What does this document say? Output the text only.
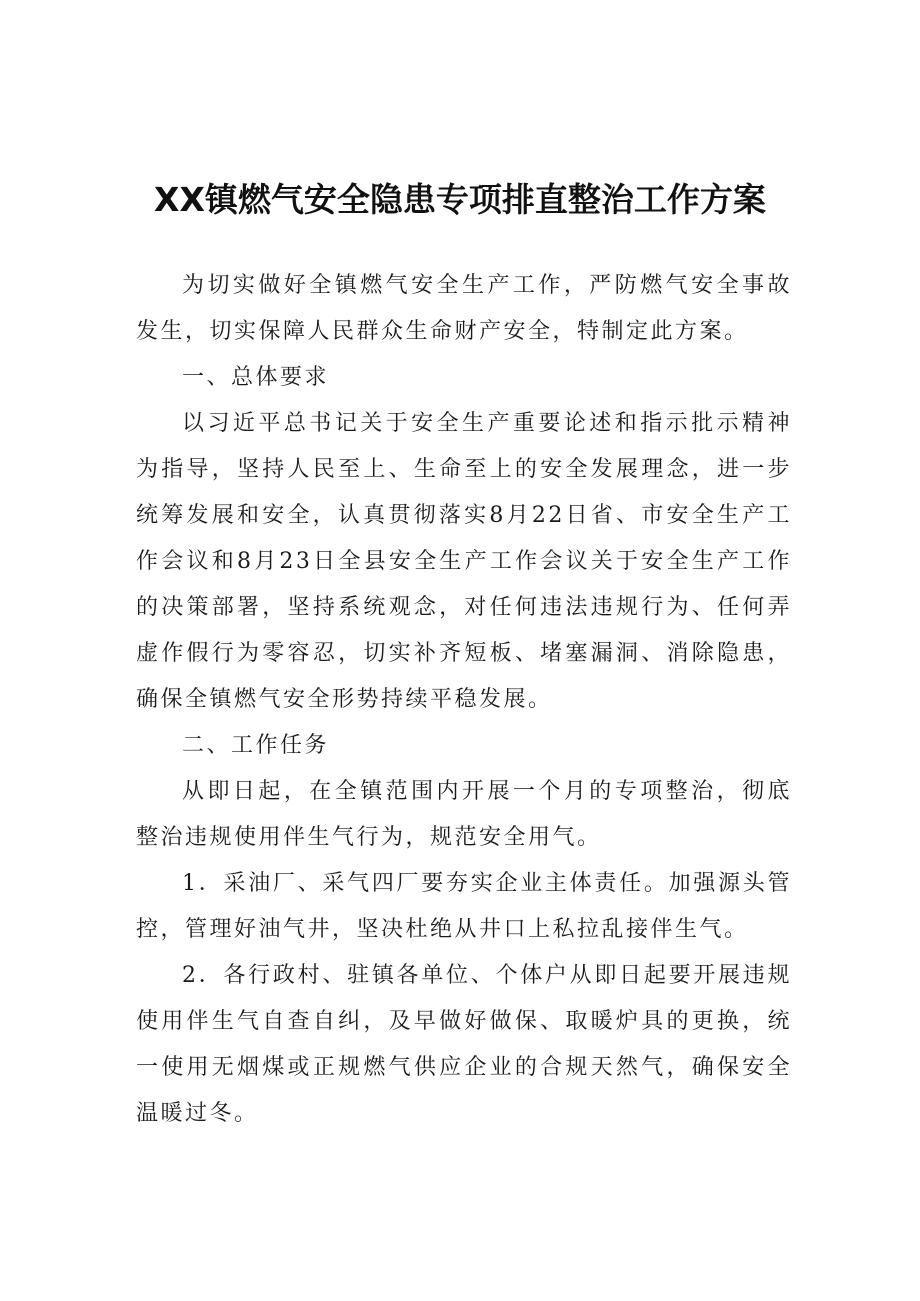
XX镇燃气安全隐患专项排直整治工作方案

为切实做好全镇燃气安全生产工作，严防燃气安全事故发生，切实保障人民群众生命财产安全，特制定此方案。

一、总体要求

以习近平总书记关于安全生产重要论述和指示批示精神为指导，坚持人民至上、生命至上的安全发展理念，进一步统筹发展和安全，认真贯彻落实8月22日省、市安全生产工作会议和8月23日全县安全生产工作会议关于安全生产工作的决策部署，坚持系统观念，对任何违法违规行为、任何弄虚作假行为零容忍，切实补齐短板、堵塞漏洞、消除隐患，确保全镇燃气安全形势持续平稳发展。

二、工作任务

从即日起，在全镇范围内开展一个月的专项整治，彻底整治违规使用伴生气行为，规范安全用气。

1．采油厂、采气四厂要夯实企业主体责任。加强源头管控，管理好油气井，坚决杜绝从井口上私拉乱接伴生气。

2．各行政村、驻镇各单位、个体户从即日起要开展违规使用伴生气自查自纠，及早做好做保、取暖炉具的更换，统一使用无烟煤或正规燃气供应企业的合规天然气，确保安全温暖过冬。
